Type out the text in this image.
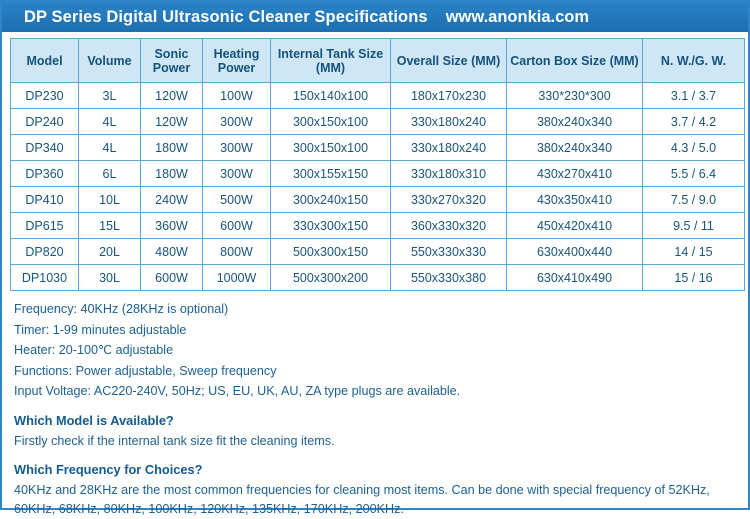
DP Series Digital Ultrasonic Cleaner Specifications www.anonkia.com
Model	Volume	Sonic Power	Heating Power	Internal Tank Size (MM)	Overall Size (MM)	Carton Box Size (MM)	N. W./G. W.
DP230	3L	120W	100W	150x140x100	180x170x230	330*230*300	3.1 / 3.7
DP240	4L	120W	300W	300x150x100	330x180x240	380x240x340	3.7 / 4.2
DP340	4L	180W	300W	300x150x100	330x180x240	380x240x340	4.3 / 5.0
DP360	6L	180W	300W	300x155x150	330x180x310	430x270x410	5.5 / 6.4
DP410	10L	240W	500W	300x240x150	330x270x320	430x350x410	7.5 / 9.0
DP615	15L	360W	600W	330x300x150	360x330x320	450x420x410	9.5 / 11
DP820	20L	480W	800W	500x300x150	550x330x330	630x400x440	14 / 15
DP1030	30L	600W	1000W	500x300x200	550x330x380	630x410x490	15 / 16

Frequency: 40KHz (28KHz is optional)

Timer: 1-99 minutes adjustable

Heater: 20-100℃ adjustable

Functions: Power adjustable, Sweep frequency

Input Voltage: AC220-240V, 50Hz; US, EU, UK, AU, ZA type plugs are available.

Which Model is Available?

Firstly check if the internal tank size fit the cleaning items.

Which Frequency for Choices?

40KHz and 28KHz are the most common frequencies for cleaning most items. Can be done with special frequency of 52KHz, 60KHz, 68KHz, 80KHz, 100KHz, 120KHz, 135KHz, 170KHz, 200KHz.
